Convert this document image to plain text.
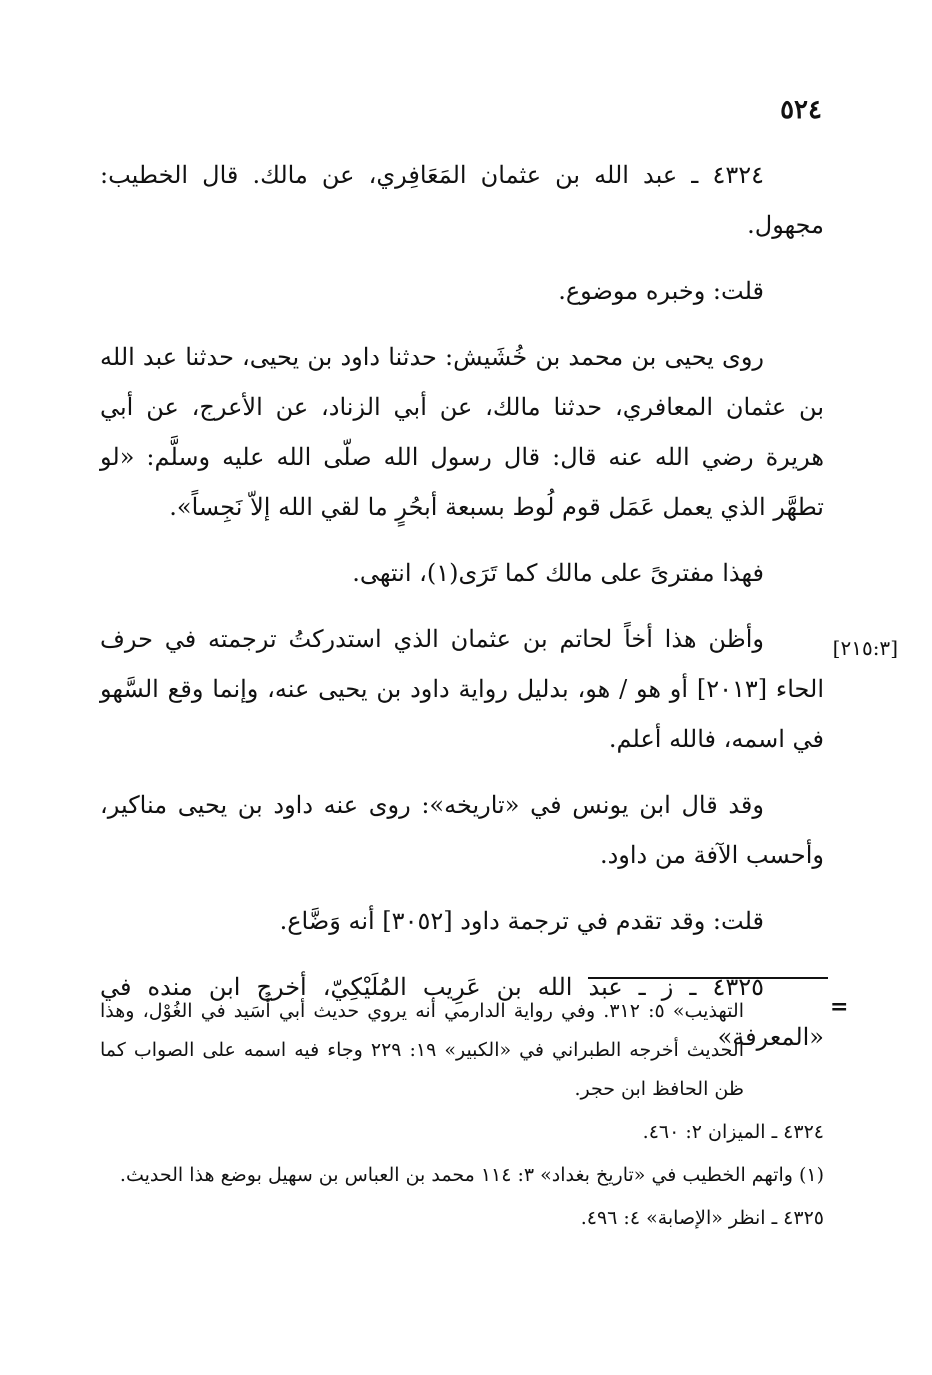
٥٢٤

٤٣٢٤ ـ عبد الله بن عثمان المَعَافِري، عن مالك. قال الخطيب: مجهول.

قلت: وخبره موضوع.

روى يحيى بن محمد بن خُشَيش: حدثنا داود بن يحيى، حدثنا عبد الله بن عثمان المعافري، حدثنا مالك، عن أبي الزناد، عن الأعرج، عن أبي هريرة رضي الله عنه قال: قال رسول الله صلّى الله عليه وسلَّم: «لو تطهَّر الذي يعمل عَمَل قوم لُوط بسبعة أبحُرٍ ما لقي الله إلاّ نَجِساً».

فهذا مفترىً على مالك كما تَرَى(١)، انتهى.

وأظن هذا أخاً لحاتم بن عثمان الذي استدركتُ ترجمته في حرف الحاء [٢٠١٣] أو هو / هو، بدليل رواية داود بن يحيى عنه، وإنما وقع السَّهو في اسمه، فالله أعلم.

وقد قال ابن يونس في «تاريخه»: روى عنه داود بن يحيى مناكير، وأحسب الآفة من داود.

قلت: وقد تقدم في ترجمة داود [٣٠٥٢] أنه وَضَّاع.

٤٣٢٥ ـ ز ـ عبد الله بن عَرِيب المُلَيْكِيّ، أخرج ابن منده في «المعرفة»

[٢١٥:٣]
=

التهذيب» ٥: ٣١٢. وفي رواية الدارمي أنه يروي حديث أبي أُسَيد في الغُوْل، وهذا الحديث أخرجه الطبراني في «الكبير» ١٩: ٢٢٩ وجاء فيه اسمه على الصواب كما ظن الحافظ ابن حجر.

٤٣٢٤ ـ الميزان ٢: ٤٦٠.

(١) واتهم الخطيب في «تاريخ بغداد» ٣: ١١٤ محمد بن العباس بن سهيل بوضع هذا الحديث.

٤٣٢٥ ـ انظر «الإصابة» ٤: ٤٩٦.
